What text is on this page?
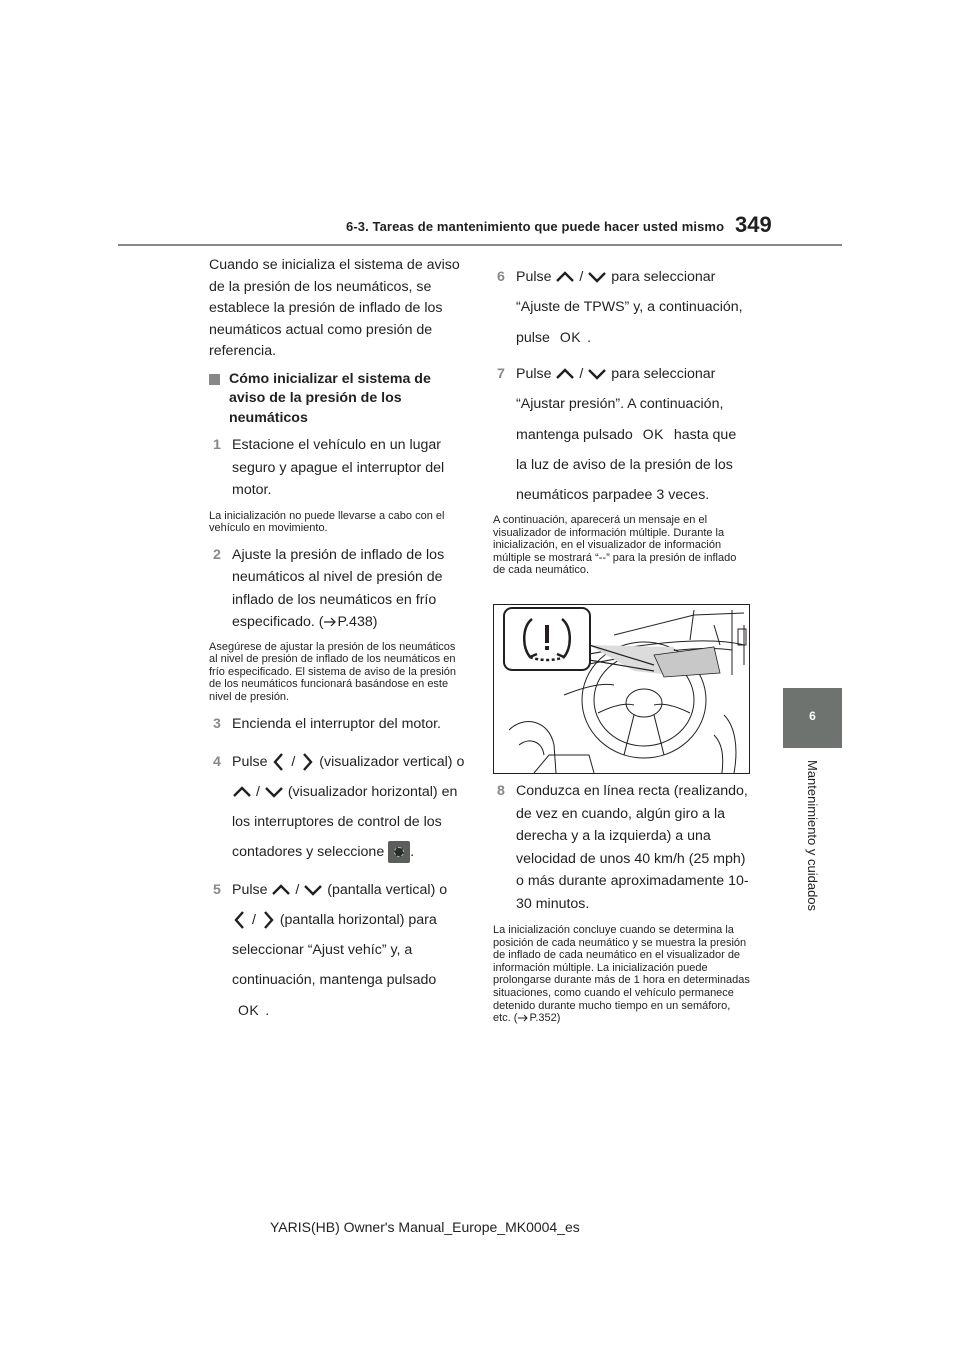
6-3. Tareas de mantenimiento que puede hacer usted mismo 349
6
Mantenimiento y cuidados

Cuando se inicializa el sistema de aviso de la presión de los neumáticos, se establece la presión de inflado de los neumáticos actual como presión de referencia.

Cómo inicializar el sistema de aviso de la presión de los neumáticos
1 Estacione el vehículo en un lugar seguro y apague el interruptor del motor.

La inicialización no puede llevarse a cabo con el vehículo en movimiento.

2 Ajuste la presión de inflado de los neumáticos al nivel de presión de inflado de los neumáticos en frío especificado. ( P.438)

Asegúrese de ajustar la presión de los neumáticos al nivel de presión de inflado de los neumáticos en frío especificado. El sistema de aviso de la presión de los neumáticos funcionará basándose en este nivel de presión.

3 Encienda el interruptor del motor.
4 Pulse / (visualizador vertical) o  / (visualizador horizontal) en los interruptores de control de los contadores y seleccione .
5 Pulse / (pantalla vertical) o   / (pantalla horizontal) para seleccionar “Ajust vehíc” y, a continuación, mantenga pulsado OK .
6 Pulse / para seleccionar “Ajuste de TPWS” y, a continuación, pulse OK .
7 Pulse / para seleccionar “Ajustar presión”. A continuación, mantenga pulsado OK hasta que la luz de aviso de la presión de los neumáticos parpadee 3 veces.

A continuación, aparecerá un mensaje en el visualizador de información múltiple. Durante la inicialización, en el visualizador de información múltiple se mostrará “--” para la presión de inflado de cada neumático.

8 Conduzca en línea recta (realizando, de vez en cuando, algún giro a la derecha y a la izquierda) a una velocidad de unos 40 km/h (25 mph) o más durante aproximadamente 10-30 minutos.

La inicialización concluye cuando se determina la posición de cada neumático y se muestra la presión de inflado de cada neumático en el visualizador de información múltiple. La inicialización puede prolongarse durante más de 1 hora en determinadas situaciones, como cuando el vehículo permanece detenido durante mucho tiempo en un semáforo, etc. ( P.352)

YARIS(HB) Owner's Manual_Europe_MK0004_es
